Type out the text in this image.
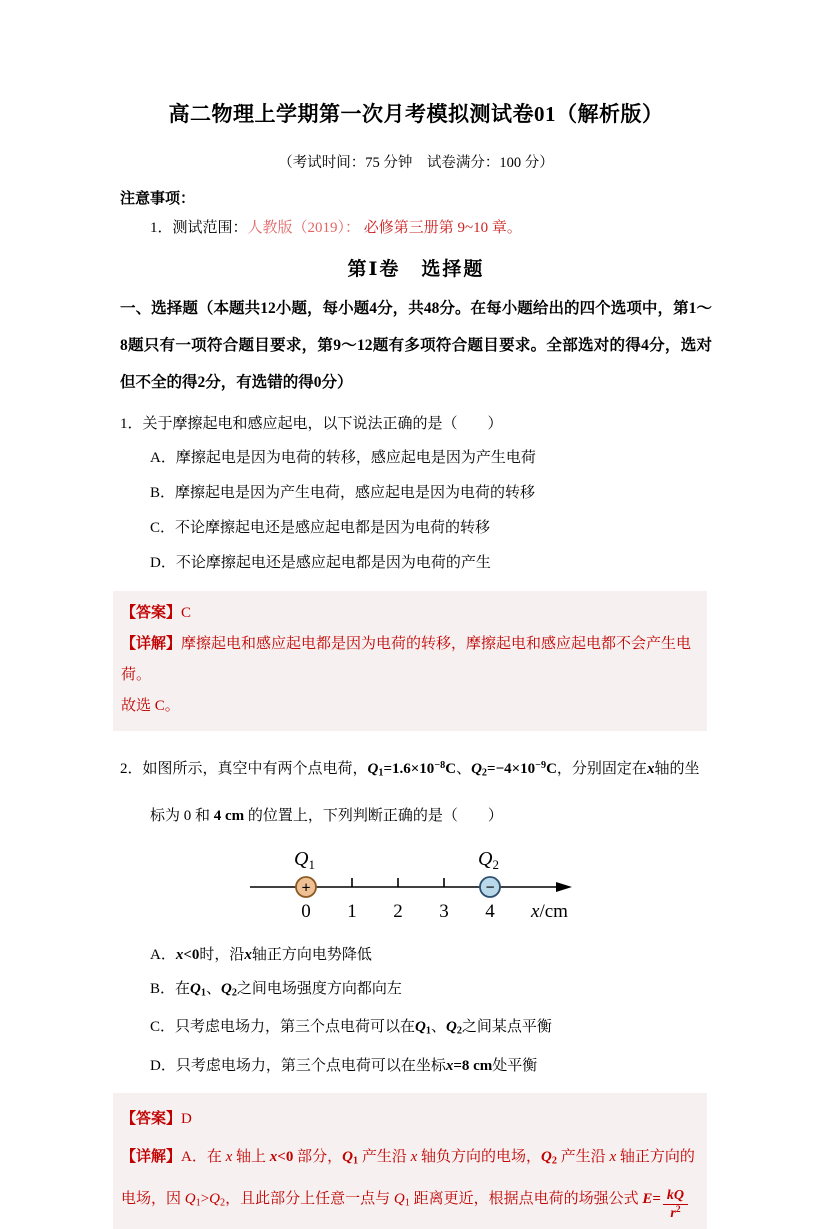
高二物理上学期第一次月考模拟测试卷01（解析版）
（考试时间：75 分钟　试卷满分：100 分）
注意事项：
1．测试范围：人教版（2019）： 必修第三册第 9~10 章。
第Ⅰ卷　选择题
一、选择题（本题共12小题，每小题4分，共48分。在每小题给出的四个选项中，第1～8题只有一项符合题目要求，第9～12题有多项符合题目要求。全部选对的得4分，选对但不全的得2分，有选错的得0分）
1．关于摩擦起电和感应起电，以下说法正确的是（　　）
A．摩擦起电是因为电荷的转移，感应起电是因为产生电荷
B．摩擦起电是因为产生电荷，感应起电是因为电荷的转移
C．不论摩擦起电还是感应起电都是因为电荷的转移
D．不论摩擦起电还是感应起电都是因为电荷的产生
【答案】C
【详解】摩擦起电和感应起电都是因为电荷的转移，摩擦起电和感应起电都不会产生电荷。
故选 C。
2．如图所示，真空中有两个点电荷，$Q1=1.6\times 10^{-8}C$、$Q2=-4\times 10^{-9}C$，分别固定在x轴的坐标为 0 和 4 cm 的位置上，下列判断正确的是（　　）
+	−
$Q_1$	$Q_2$
0 1 2 3 4 x/cm
A．x<0时，沿x轴正方向电势降低
B．在Q1、Q2之间电场强度方向都向左
C．只考虑电场力，第三个点电荷可以在Q1、Q2之间某点平衡
D．只考虑电场力，第三个点电荷可以在坐标x=8 cm处平衡
【答案】D
【详解】A．在 x 轴上 x<0 部分，Q1 产生沿 x 轴负方向的电场，Q2 产生沿 x 轴正方向的电场，因 Q1>Q2，且此部分上任意一点与 Q1 距离更近，根据点电荷的场强公式 $E= \frac{kQ}{r^2}$
